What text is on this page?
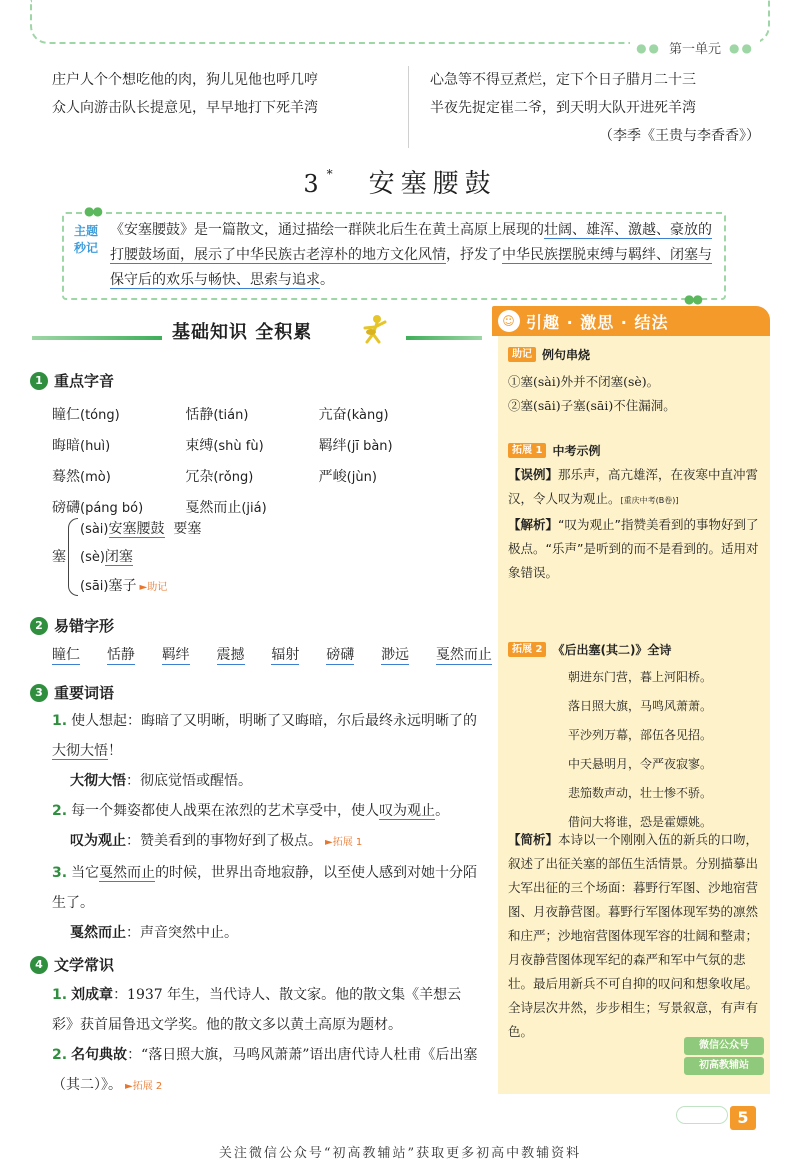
●● 第一单元 ●●
庄户人个个想吃他的肉，狗儿见他也呼几哼
众人向游击队长提意见，早早地打下死羊湾
心急等不得豆煮烂，定下个日子腊月二十三
半夜先捉定崔二爷，到天明大队开进死羊湾
（李季《王贵与李香香》）
3 * 安塞腰鼓
●●
●●
主题
秒记
《安塞腰鼓》是一篇散文，通过描绘一群陕北后生在黄土高原上展现的壮阔、雄浑、激越、豪放的打腰鼓场面，展示了中华民族古老淳朴的地方文化风情，抒发了中华民族摆脱束缚与羁绊、闭塞与保守后的欢乐与畅快、思索与追求。
基础知识 全积累
1 重点字音
瞳仁(tóng)	恬静(tián)	亢奋(kàng)
晦暗(huì)	束缚(shù fù)	羁绊(jī bàn)
蓦然(mò)	冗杂(rǒng)	严峻(jùn)
磅礴(páng bó)	戛然而止(jiá)
塞
(sài)安塞腰鼓 要塞
(sè)闭塞
(sāi)塞子 ►助记
2 易错字形
瞳仁 恬静 羁绊 震撼 辐射 磅礴 渺远 戛然而止
3 重要词语
1. 使人想起：晦暗了又明晰，明晰了又晦暗，尔后最终永远明晰了的大彻大悟！
大彻大悟：彻底觉悟或醒悟。
2. 每一个舞姿都使人战栗在浓烈的艺术享受中，使人叹为观止。
叹为观止：赞美看到的事物好到了极点。 ►拓展 1
3. 当它戛然而止的时候，世界出奇地寂静，以至使人感到对她十分陌生了。
戛然而止：声音突然中止。
4 文学常识
1. 刘成章：1937 年生，当代诗人、散文家。他的散文集《羊想云彩》获首届鲁迅文学奖。他的散文多以黄土高原为题材。
2. 名句典故：“落日照大旗，马鸣风萧萧”语出唐代诗人杜甫《后出塞（其二）》。 ►拓展 2
☺ 引趣 · 激思 · 结法
助记 例句串烧
①塞(sài)外并不闭塞(sè)。
②塞(sāi)子塞(sāi)不住漏洞。
拓展 1 中考示例
【误例】那乐声，高亢雄浑，在夜寒中直冲霄汉，令人叹为观止。[重庆中考(B卷)]
【解析】“叹为观止”指赞美看到的事物好到了极点。“乐声”是听到的而不是看到的。适用对象错误。
拓展 2 《后出塞(其二)》全诗
朝进东门营，暮上河阳桥。
落日照大旗，马鸣风萧萧。
平沙列万幕，部伍各见招。
中天悬明月，令严夜寂寥。
悲笳数声动，壮士惨不骄。
借问大将谁，恐是霍嫖姚。
【简析】本诗以一个刚刚入伍的新兵的口吻，叙述了出征关塞的部伍生活情景。分别描摹出大军出征的三个场面：暮野行军图、沙地宿营图、月夜静营图。暮野行军图体现军势的凛然和庄严；沙地宿营图体现军容的壮阔和整肃；月夜静营图体现军纪的森严和军中气氛的悲壮。最后用新兵不可自抑的叹问和想象收尾。全诗层次井然，步步相生；写景叙意，有声有色。
微信公众号
初高教辅站
5
关注微信公众号“初高教辅站”获取更多初高中教辅资料
